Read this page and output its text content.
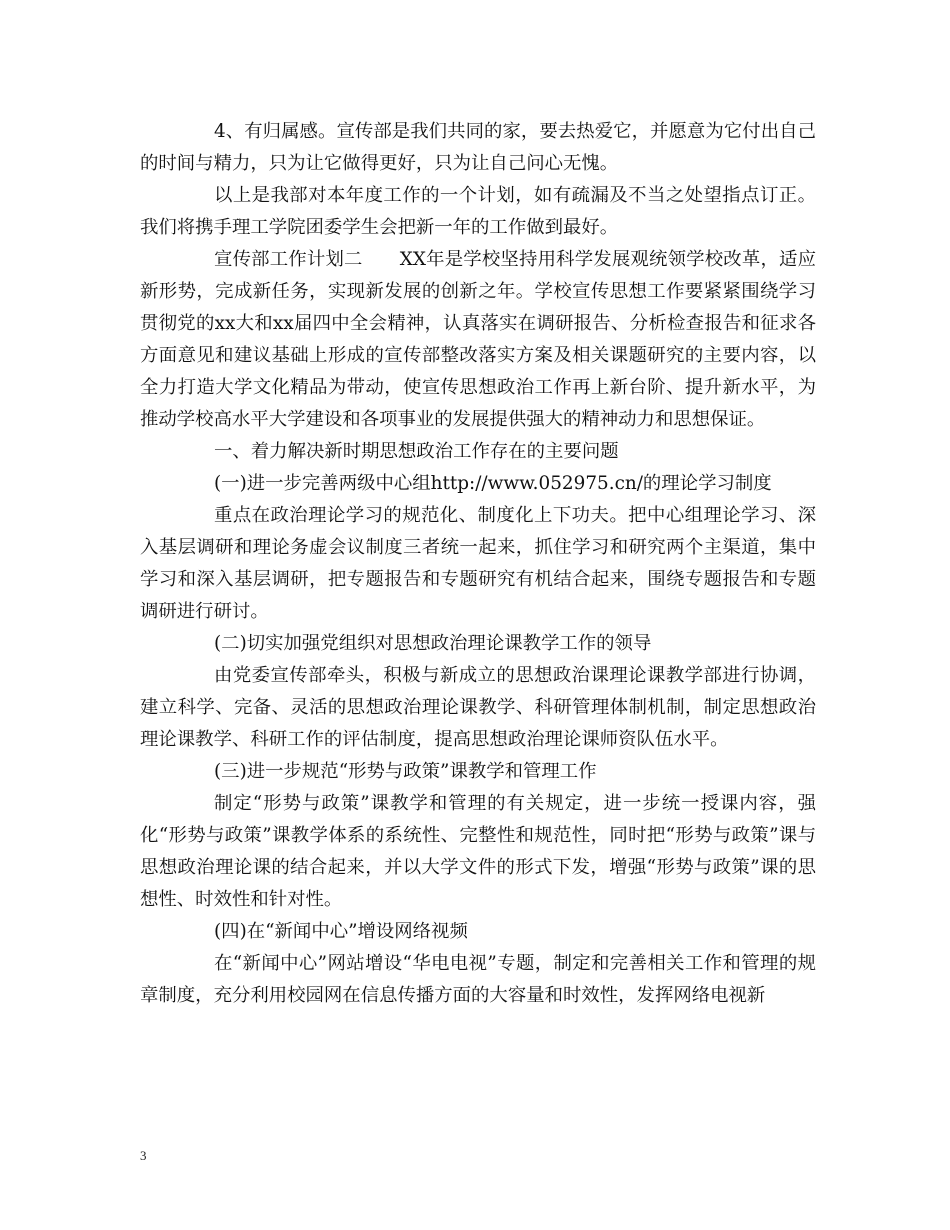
4、有归属感。宣传部是我们共同的家，要去热爱它，并愿意为它付出自己的时间与精力，只为让它做得更好，只为让自己问心无愧。

以上是我部对本年度工作的一个计划，如有疏漏及不当之处望指点订正。我们将携手理工学院团委学生会把新一年的工作做到最好。

宣传部工作计划二　　XX年是学校坚持用科学发展观统领学校改革，适应新形势，完成新任务，实现新发展的创新之年。学校宣传思想工作要紧紧围绕学习贯彻党的xx大和xx届四中全会精神，认真落实在调研报告、分析检查报告和征求各方面意见和建议基础上形成的宣传部整改落实方案及相关课题研究的主要内容，以全力打造大学文化精品为带动，使宣传思想政治工作再上新台阶、提升新水平，为推动学校高水平大学建设和各项事业的发展提供强大的精神动力和思想保证。

一、着力解决新时期思想政治工作存在的主要问题

(一)进一步完善两级中心组http://www.052975.cn/的理论学习制度

重点在政治理论学习的规范化、制度化上下功夫。把中心组理论学习、深入基层调研和理论务虚会议制度三者统一起来，抓住学习和研究两个主渠道，集中学习和深入基层调研，把专题报告和专题研究有机结合起来，围绕专题报告和专题调研进行研讨。

(二)切实加强党组织对思想政治理论课教学工作的领导

由党委宣传部牵头，积极与新成立的思想政治课理论课教学部进行协调，建立科学、完备、灵活的思想政治理论课教学、科研管理体制机制，制定思想政治理论课教学、科研工作的评估制度，提高思想政治理论课师资队伍水平。

(三)进一步规范“形势与政策”课教学和管理工作

制定“形势与政策”课教学和管理的有关规定，进一步统一授课内容，强化“形势与政策”课教学体系的系统性、完整性和规范性，同时把“形势与政策”课与思想政治理论课的结合起来，并以大学文件的形式下发，增强“形势与政策”课的思想性、时效性和针对性。

(四)在“新闻中心”增设网络视频

在“新闻中心”网站增设“华电电视”专题，制定和完善相关工作和管理的规章制度，充分利用校园网在信息传播方面的大容量和时效性，发挥网络电视新

3
